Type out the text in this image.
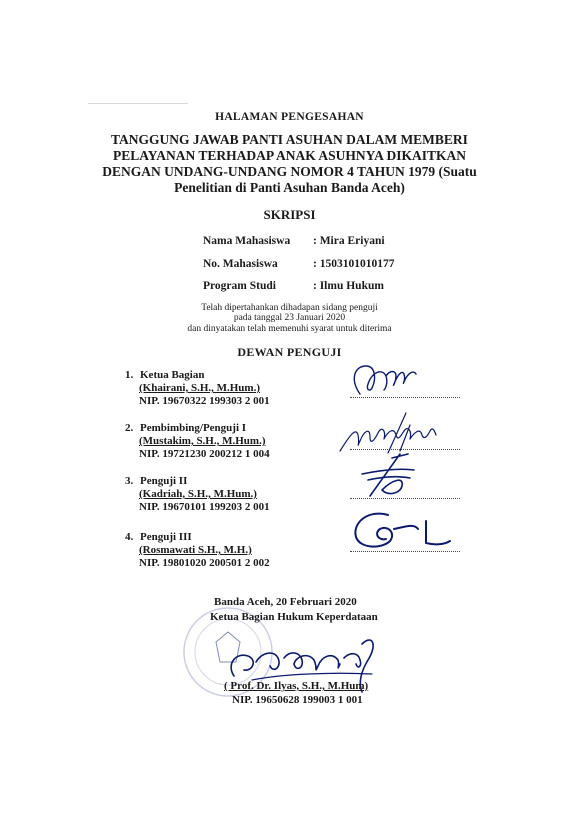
HALAMAN PENGESAHAN
TANGGUNG JAWAB PANTI ASUHAN DALAM MEMBERI
PELAYANAN TERHADAP ANAK ASUHNYA DIKAITKAN
DENGAN UNDANG-UNDANG NOMOR 4 TAHUN 1979 (Suatu
Penelitian di Panti Asuhan Banda Aceh)
SKRIPSI
Nama Mahasiswa : Mira Eriyani
No. Mahasiswa	: 1503101010177
Program Studi	: Ilmu Hukum
Telah dipertahankan dihadapan sidang penguji
pada tanggal 23 Januari 2020
dan dinyatakan telah memenuhi syarat untuk diterima
DEWAN PENGUJI
1. Ketua Bagian
(Khairani, S.H., M.Hum.)
NIP. 19670322 199303 2 001
2. Pembimbing/Penguji I
(Mustakim, S.H., M.Hum.)
NIP. 19721230 200212 1 004
3. Penguji II
(Kadriah, S.H., M.Hum.)
NIP. 19670101 199203 2 001
4. Penguji III
(Rosmawati S.H., M.H.)
NIP. 19801020 200501 2 002
Banda Aceh, 20 Februari 2020
Ketua Bagian Hukum Keperdataan
( Prof. Dr. Ilyas, S.H., M.Hum)
NIP. 19650628 199003 1 001
